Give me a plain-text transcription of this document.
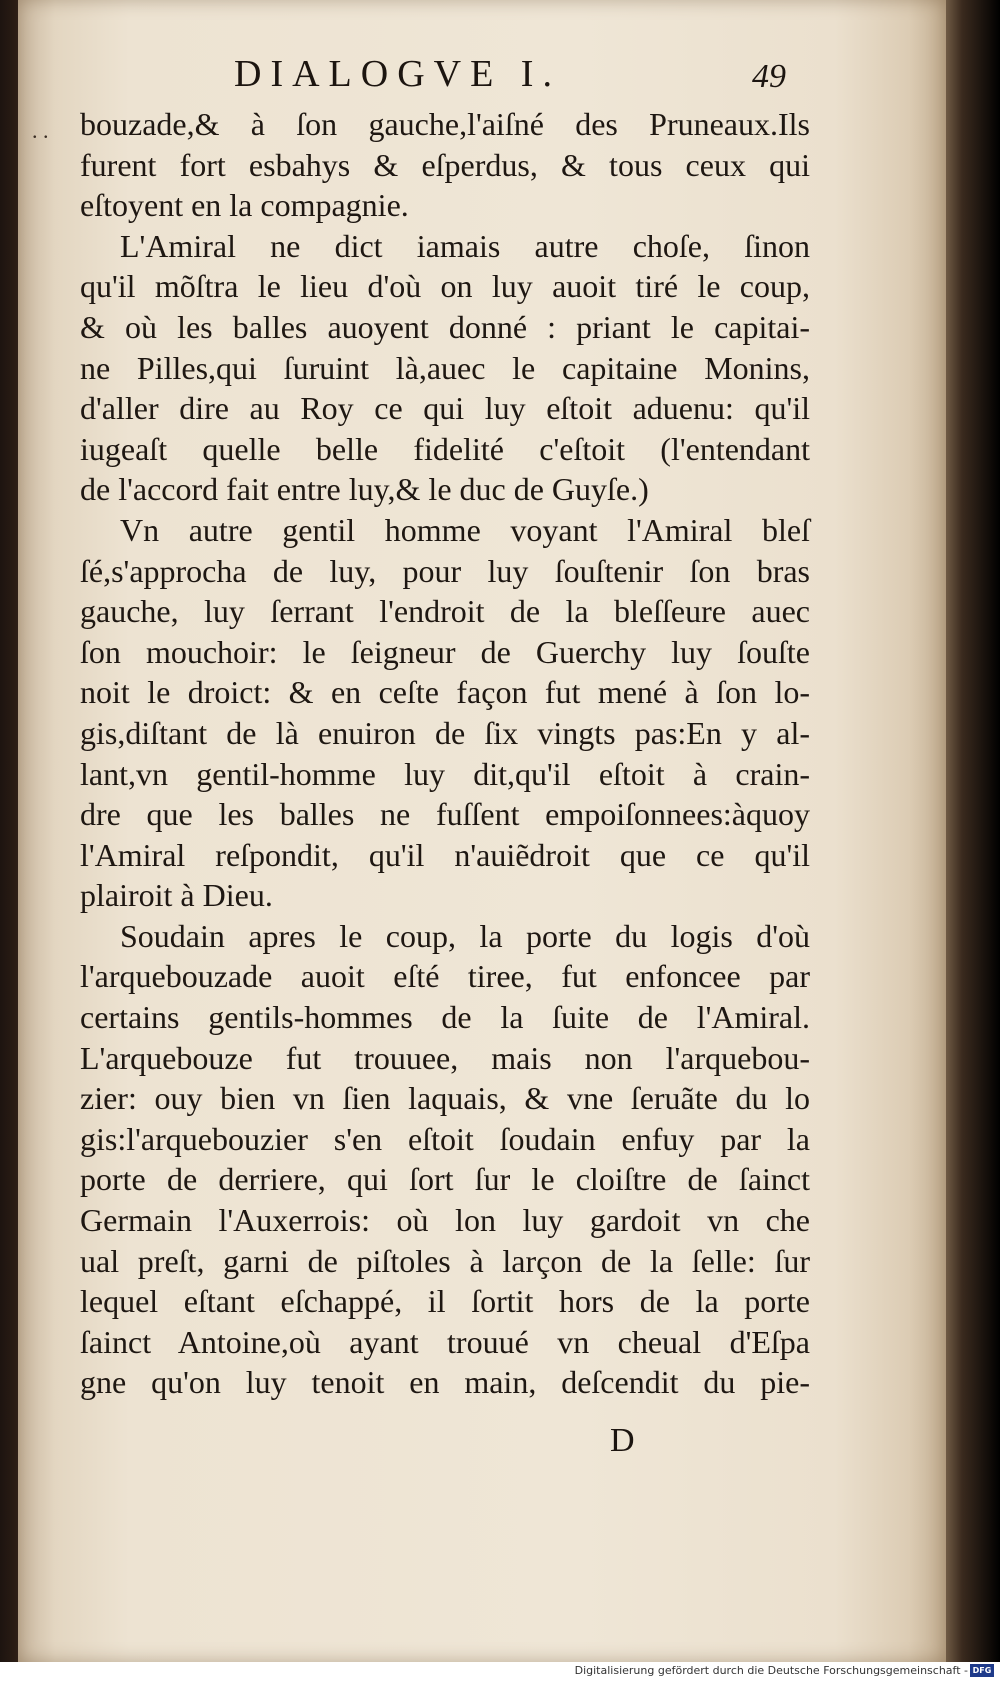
. .
DIALOGVE I.	49
bouzade,& à ſon gauche,l'aiſné des Pruneaux.Ils
furent fort esbahys & eſperdus, & tous ceux qui
eſtoyent en la compagnie.
L'Amiral ne dict iamais autre choſe, ſinon
qu'il mõſtra le lieu d'où on luy auoit tiré le coup,
& où les balles auoyent donné : priant le capitai-
ne Pilles,qui ſuruint là,auec le capitaine Monins,
d'aller dire au Roy ce qui luy eſtoit aduenu: qu'il
iugeaſt quelle belle fidelité c'eſtoit (l'entendant
de l'accord fait entre luy,& le duc de Guyſe.)
Vn autre gentil homme voyant l'Amiral bleſ
ſé,s'approcha de luy, pour luy ſouſtenir ſon bras
gauche, luy ſerrant l'endroit de la bleſſeure auec
ſon mouchoir: le ſeigneur de Guerchy luy ſouſte
noit le droict: & en ceſte façon fut mené à ſon lo-
gis,diſtant de là enuiron de ſix vingts pas:En y al-
lant,vn gentil-homme luy dit,qu'il eſtoit à crain-
dre que les balles ne fuſſent empoiſonnees:àquoy
l'Amiral reſpondit, qu'il n'auiẽdroit que ce qu'il
plairoit à Dieu.
Soudain apres le coup, la porte du logis d'où
l'arquebouzade auoit eſté tiree, fut enfoncee par
certains gentils-hommes de la ſuite de l'Amiral.
L'arquebouze fut trouuee, mais non l'arquebou-
zier: ouy bien vn ſien laquais, & vne ſeruãte du lo
gis:l'arquebouzier s'en eſtoit ſoudain enfuy par la
porte de derriere, qui ſort ſur le cloiſtre de ſainct
Germain l'Auxerrois: où lon luy gardoit vn che
ual preſt, garni de piſtoles à larçon de la ſelle: ſur
lequel eſtant eſchappé, il ſortit hors de la porte
ſainct Antoine,où ayant trouué vn cheual d'Eſpa
gne qu'on luy tenoit en main, deſcendit du pie-
D
Digitalisierung gefördert durch die Deutsche Forschungsgemeinschaft - DFG
